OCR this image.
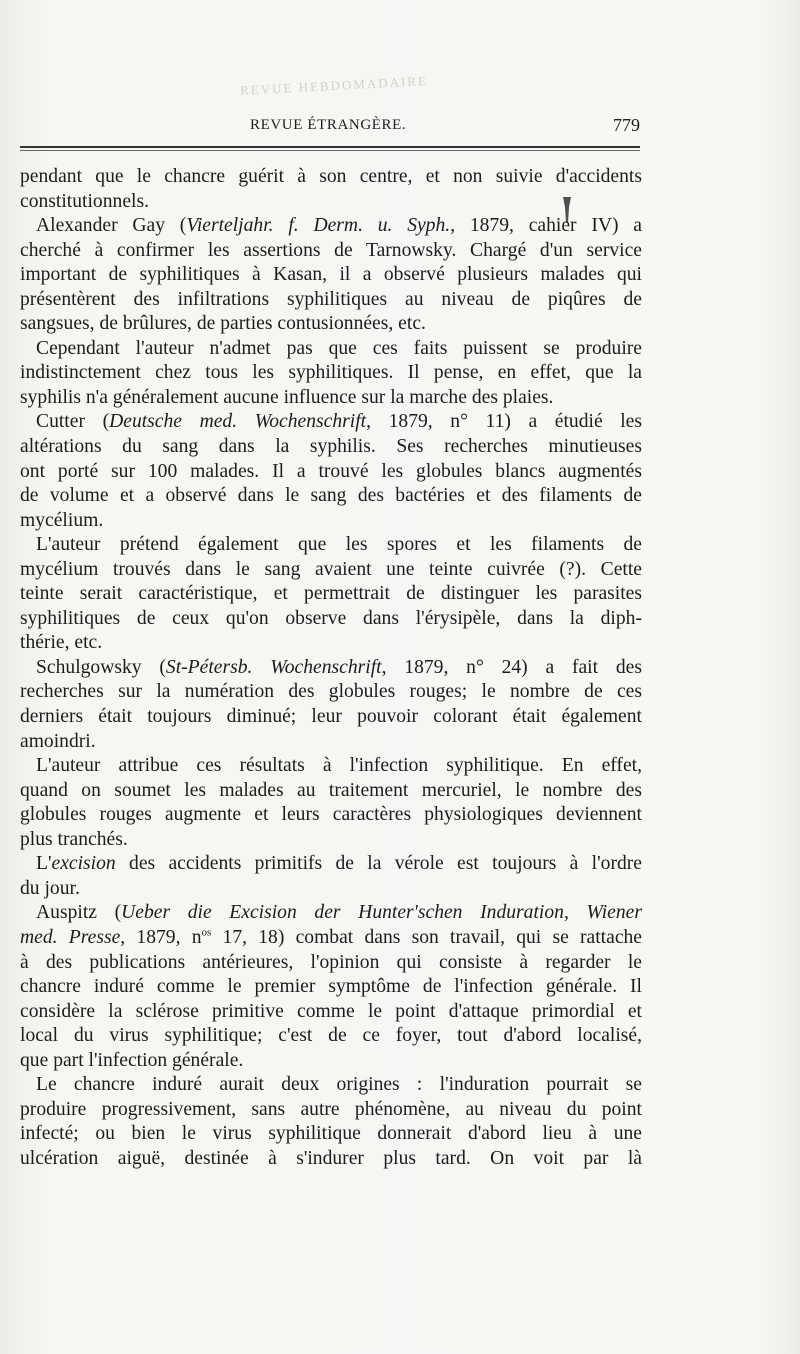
REVUE HEBDOMADAIRE
REVUE ÉTRANGÈRE.	779
pendant que le chancre guérit à son centre, et non suivie d'accidents
constitutionnels.
Alexander Gay (Vierteljahr. f. Derm. u. Syph., 1879, cahier IV) a
cherché à confirmer les assertions de Tarnowsky. Chargé d'un service
important de syphilitiques à Kasan, il a observé plusieurs malades qui
présentèrent des infiltrations syphilitiques au niveau de piqûres de
sangsues, de brûlures, de parties contusionnées, etc.
Cependant l'auteur n'admet pas que ces faits puissent se produire
indistinctement chez tous les syphilitiques. Il pense, en effet, que la
syphilis n'a généralement aucune influence sur la marche des plaies.
Cutter (Deutsche med. Wochenschrift, 1879, n° 11) a étudié les
altérations du sang dans la syphilis. Ses recherches minutieuses
ont porté sur 100 malades. Il a trouvé les globules blancs augmentés
de volume et a observé dans le sang des bactéries et des filaments de
mycélium.
L'auteur prétend également que les spores et les filaments de
mycélium trouvés dans le sang avaient une teinte cuivrée (?). Cette
teinte serait caractéristique, et permettrait de distinguer les parasites
syphilitiques de ceux qu'on observe dans l'érysipèle, dans la diph-
thérie, etc.
Schulgowsky (St-Pétersb. Wochenschrift, 1879, n° 24) a fait des
recherches sur la numération des globules rouges; le nombre de ces
derniers était toujours diminué; leur pouvoir colorant était également
amoindri.
L'auteur attribue ces résultats à l'infection syphilitique. En effet,
quand on soumet les malades au traitement mercuriel, le nombre des
globules rouges augmente et leurs caractères physiologiques deviennent
plus tranchés.
L'excision des accidents primitifs de la vérole est toujours à l'ordre
du jour.
Auspitz (Ueber die Excision der Hunter'schen Induration, Wiener
med. Presse, 1879, $n^{os}$ 17, 18) combat dans son travail, qui se rattache
à des publications antérieures, l'opinion qui consiste à regarder le
chancre induré comme le premier symptôme de l'infection générale. Il
considère la sclérose primitive comme le point d'attaque primordial et
local du virus syphilitique; c'est de ce foyer, tout d'abord localisé,
que part l'infection générale.
Le chancre induré aurait deux origines : l'induration pourrait se
produire progressivement, sans autre phénomène, au niveau du point
infecté; ou bien le virus syphilitique donnerait d'abord lieu à une
ulcération aiguë, destinée à s'indurer plus tard. On voit par là
